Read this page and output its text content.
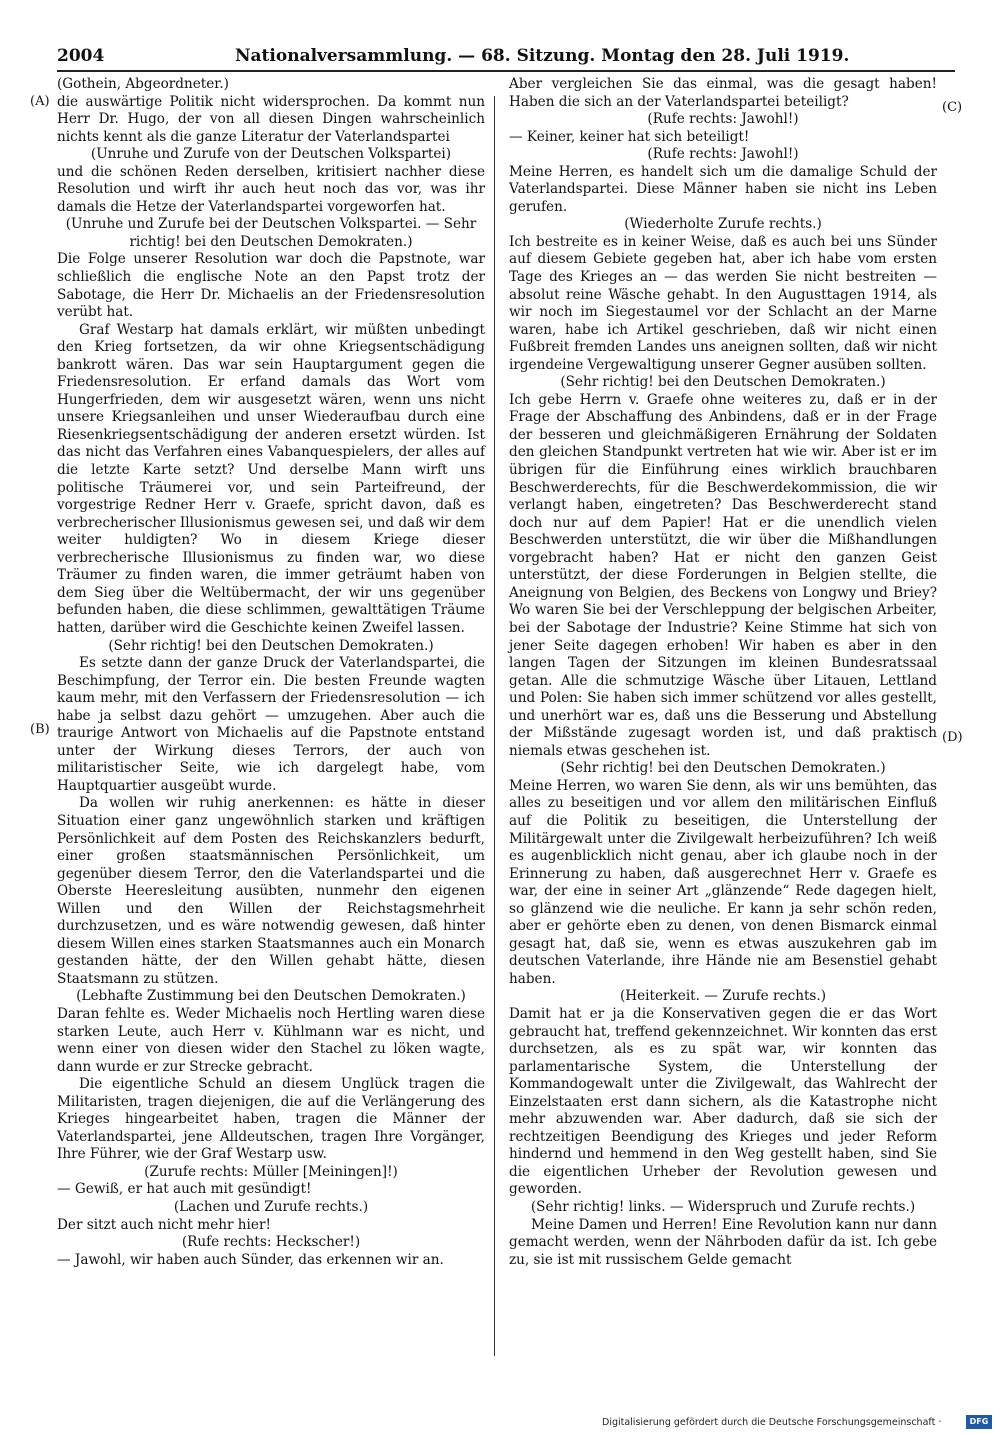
2004	Nationalversammlung. — 68. Sitzung. Montag den 28. Juli 1919.
(A)
(B)
(C)
(D)

(Gothein, Abgeordneter.)

die auswärtige Politik nicht widersprochen. Da kommt nun Herr Dr. Hugo, der von all diesen Dingen wahrscheinlich nichts kennt als die ganze Literatur der Vaterlandspartei

(Unruhe und Zurufe von der Deutschen Volkspartei)

und die schönen Reden derselben, kritisiert nachher diese Resolution und wirft ihr auch heut noch das vor, was ihr damals die Hetze der Vaterlandspartei vorgeworfen hat.

(Unruhe und Zurufe bei der Deutschen Volkspartei. — Sehr richtig! bei den Deutschen Demokraten.)

Die Folge unserer Resolution war doch die Papstnote, war schließlich die englische Note an den Papst trotz der Sabotage, die Herr Dr. Michaelis an der Friedensresolution verübt hat.

Graf Westarp hat damals erklärt, wir müßten unbedingt den Krieg fortsetzen, da wir ohne Kriegsentschädigung bankrott wären. Das war sein Hauptargument gegen die Friedensresolution. Er erfand damals das Wort vom Hungerfrieden, dem wir ausgesetzt wären, wenn uns nicht unsere Kriegsanleihen und unser Wiederaufbau durch eine Riesenkriegsentschädigung der anderen ersetzt würden. Ist das nicht das Verfahren eines Vabanquespielers, der alles auf die letzte Karte setzt? Und derselbe Mann wirft uns politische Träumerei vor, und sein Parteifreund, der vorgestrige Redner Herr v. Graefe, spricht davon, daß es verbrecherischer Illusionismus gewesen sei, und daß wir dem weiter huldigten? Wo in diesem Kriege dieser verbrecherische Illusionismus zu finden war, wo diese Träumer zu finden waren, die immer geträumt haben von dem Sieg über die Weltübermacht, der wir uns gegenüber befunden haben, die diese schlimmen, gewalttätigen Träume hatten, darüber wird die Geschichte keinen Zweifel lassen.

(Sehr richtig! bei den Deutschen Demokraten.)

Es setzte dann der ganze Druck der Vaterlandspartei, die Beschimpfung, der Terror ein. Die besten Freunde wagten kaum mehr, mit den Verfassern der Friedensresolution — ich habe ja selbst dazu gehört — umzugehen. Aber auch die traurige Antwort von Michaelis auf die Papstnote entstand unter der Wirkung dieses Terrors, der auch von militaristischer Seite, wie ich dargelegt habe, vom Hauptquartier ausgeübt wurde.

Da wollen wir ruhig anerkennen: es hätte in dieser Situation einer ganz ungewöhnlich starken und kräftigen Persönlichkeit auf dem Posten des Reichskanzlers bedurft, einer großen staatsmännischen Persönlichkeit, um gegenüber diesem Terror, den die Vaterlandspartei und die Oberste Heeresleitung ausübten, nunmehr den eigenen Willen und den Willen der Reichstagsmehrheit durchzusetzen, und es wäre notwendig gewesen, daß hinter diesem Willen eines starken Staatsmannes auch ein Monarch gestanden hätte, der den Willen gehabt hätte, diesen Staatsmann zu stützen.

(Lebhafte Zustimmung bei den Deutschen Demokraten.)

Daran fehlte es. Weder Michaelis noch Hertling waren diese starken Leute, auch Herr v. Kühlmann war es nicht, und wenn einer von diesen wider den Stachel zu löken wagte, dann wurde er zur Strecke gebracht.

Die eigentliche Schuld an diesem Unglück tragen die Militaristen, tragen diejenigen, die auf die Verlängerung des Krieges hingearbeitet haben, tragen die Männer der Vaterlandspartei, jene Alldeutschen, tragen Ihre Vorgänger, Ihre Führer, wie der Graf Westarp usw.

(Zurufe rechts: Müller [Meiningen]!)

— Gewiß, er hat auch mit gesündigt!

(Lachen und Zurufe rechts.)

Der sitzt auch nicht mehr hier!

(Rufe rechts: Heckscher!)

— Jawohl, wir haben auch Sünder, das erkennen wir an.

Aber vergleichen Sie das einmal, was die gesagt haben! Haben die sich an der Vaterlandspartei beteiligt?

(Rufe rechts: Jawohl!)

— Keiner, keiner hat sich beteiligt!

(Rufe rechts: Jawohl!)

Meine Herren, es handelt sich um die damalige Schuld der Vaterlandspartei. Diese Männer haben sie nicht ins Leben gerufen.

(Wiederholte Zurufe rechts.)

Ich bestreite es in keiner Weise, daß es auch bei uns Sünder auf diesem Gebiete gegeben hat, aber ich habe vom ersten Tage des Krieges an — das werden Sie nicht bestreiten — absolut reine Wäsche gehabt. In den Augusttagen 1914, als wir noch im Siegestaumel vor der Schlacht an der Marne waren, habe ich Artikel geschrieben, daß wir nicht einen Fußbreit fremden Landes uns aneignen sollten, daß wir nicht irgendeine Vergewaltigung unserer Gegner ausüben sollten.

(Sehr richtig! bei den Deutschen Demokraten.)

Ich gebe Herrn v. Graefe ohne weiteres zu, daß er in der Frage der Abschaffung des Anbindens, daß er in der Frage der besseren und gleichmäßigeren Ernährung der Soldaten den gleichen Standpunkt vertreten hat wie wir. Aber ist er im übrigen für die Einführung eines wirklich brauchbaren Beschwerderechts, für die Beschwerdekommission, die wir verlangt haben, eingetreten? Das Beschwerderecht stand doch nur auf dem Papier! Hat er die unendlich vielen Beschwerden unterstützt, die wir über die Mißhandlungen vorgebracht haben? Hat er nicht den ganzen Geist unterstützt, der diese Forderungen in Belgien stellte, die Aneignung von Belgien, des Beckens von Longwy und Briey? Wo waren Sie bei der Verschleppung der belgischen Arbeiter, bei der Sabotage der Industrie? Keine Stimme hat sich von jener Seite dagegen erhoben! Wir haben es aber in den langen Tagen der Sitzungen im kleinen Bundesratssaal getan. Alle die schmutzige Wäsche über Litauen, Lettland und Polen: Sie haben sich immer schützend vor alles gestellt, und unerhört war es, daß uns die Besserung und Abstellung der Mißstände zugesagt worden ist, und daß praktisch niemals etwas geschehen ist.

(Sehr richtig! bei den Deutschen Demokraten.)

Meine Herren, wo waren Sie denn, als wir uns bemühten, das alles zu beseitigen und vor allem den militärischen Einfluß auf die Politik zu beseitigen, die Unterstellung der Militärgewalt unter die Zivilgewalt herbeizuführen? Ich weiß es augenblicklich nicht genau, aber ich glaube noch in der Erinnerung zu haben, daß ausgerechnet Herr v. Graefe es war, der eine in seiner Art „glänzende“ Rede dagegen hielt, so glänzend wie die neuliche. Er kann ja sehr schön reden, aber er gehörte eben zu denen, von denen Bismarck einmal gesagt hat, daß sie, wenn es etwas auszukehren gab im deutschen Vaterlande, ihre Hände nie am Besenstiel gehabt haben.

(Heiterkeit. — Zurufe rechts.)

Damit hat er ja die Konservativen gegen die er das Wort gebraucht hat, treffend gekennzeichnet. Wir konnten das erst durchsetzen, als es zu spät war, wir konnten das parlamentarische System, die Unterstellung der Kommandogewalt unter die Zivilgewalt, das Wahlrecht der Einzelstaaten erst dann sichern, als die Katastrophe nicht mehr abzuwenden war. Aber dadurch, daß sie sich der rechtzeitigen Beendigung des Krieges und jeder Reform hindernd und hemmend in den Weg gestellt haben, sind Sie die eigentlichen Urheber der Revolution gewesen und geworden.

(Sehr richtig! links. — Widerspruch und Zurufe rechts.)

Meine Damen und Herren! Eine Revolution kann nur dann gemacht werden, wenn der Nährboden dafür da ist. Ich gebe zu, sie ist mit russischem Gelde gemacht

Digitalisierung gefördert durch die Deutsche Forschungsgemeinschaft ·	DFG
